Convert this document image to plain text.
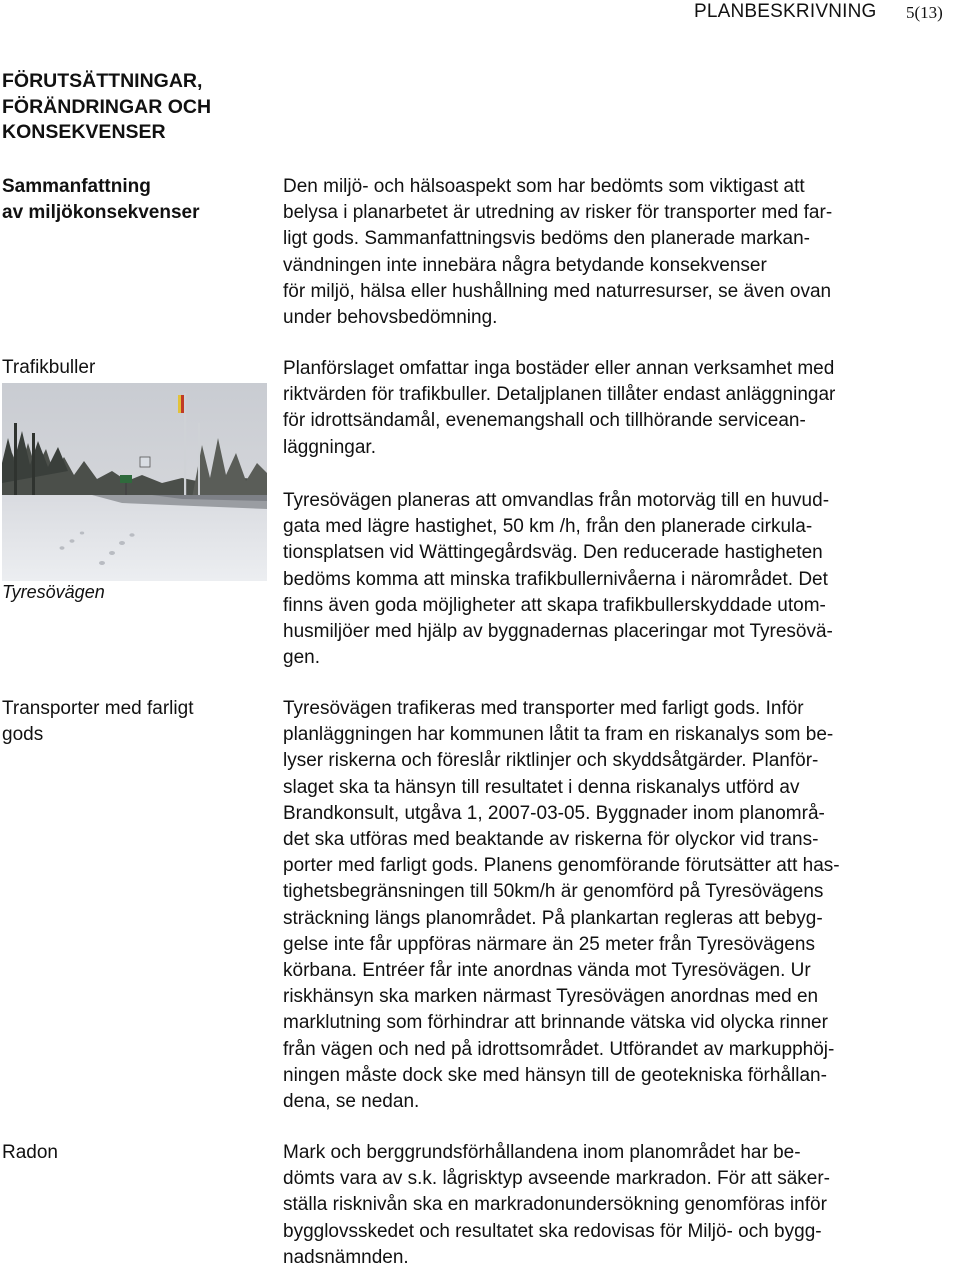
PLANBESKRIVNING 5(13)
FÖRUTSÄTTNINGAR,
FÖRÄNDRINGAR OCH
KONSEKVENSER

Sammanfattning
av miljökonsekvenser

Den miljö- och hälsoaspekt som har bedömts som viktigast att
belysa i planarbetet är utredning av risker för transporter med far-
ligt gods. Sammanfattningsvis bedöms den planerade markan-
vändningen inte innebära några betydande konsekvenser
för miljö, hälsa eller hushållning med naturresurser, se även ovan
under behovsbedömning.

Trafikbuller	Planförslaget omfattar inga bostäder eller annan verksamhet med
riktvärden för trafikbuller. Detaljplanen tillåter endast anläggningar
för idrottsändamål, evenemangshall och tillhörande servicean-
läggningar.

Tyresövägen

Tyresövägen planeras att omvandlas från motorväg till en huvud-
gata med lägre hastighet, 50 km /h, från den planerade cirkula-
tionsplatsen vid Wättingegårdsväg. Den reducerade hastigheten
bedöms komma att minska trafikbullernivåerna i närområdet. Det
finns även goda möjligheter att skapa trafikbullerskyddade utom-
husmiljöer med hjälp av byggnadernas placeringar mot Tyresövä-
gen.

Transporter med farligt
gods

Tyresövägen trafikeras med transporter med farligt gods. Inför
planläggningen har kommunen låtit ta fram en riskanalys som be-
lyser riskerna och föreslår riktlinjer och skyddsåtgärder. Planför-
slaget ska ta hänsyn till resultatet i denna riskanalys utförd av
Brandkonsult, utgåva 1, 2007-03-05. Byggnader inom planområ-
det ska utföras med beaktande av riskerna för olyckor vid trans-
porter med farligt gods. Planens genomförande förutsätter att has-
tighetsbegränsningen till 50km/h är genomförd på Tyresövägens
sträckning längs planområdet. På plankartan regleras att bebyg-
gelse inte får uppföras närmare än 25 meter från Tyresövägens
körbana. Entréer får inte anordnas vända mot Tyresövägen. Ur
riskhänsyn ska marken närmast Tyresövägen anordnas med en
marklutning som förhindrar att brinnande vätska vid olycka rinner
från vägen och ned på idrottsområdet. Utförandet av markupphöj-
ningen måste dock ske med hänsyn till de geotekniska förhållan-
dena, se nedan.

Radon	Mark och berggrundsförhållandena inom planområdet har be-
dömts vara av s.k. lågrisktyp avseende markradon. För att säker-
ställa risknivån ska en markradonundersökning genomföras inför
bygglovsskedet och resultatet ska redovisas för Miljö- och bygg-
nadsnämnden.
